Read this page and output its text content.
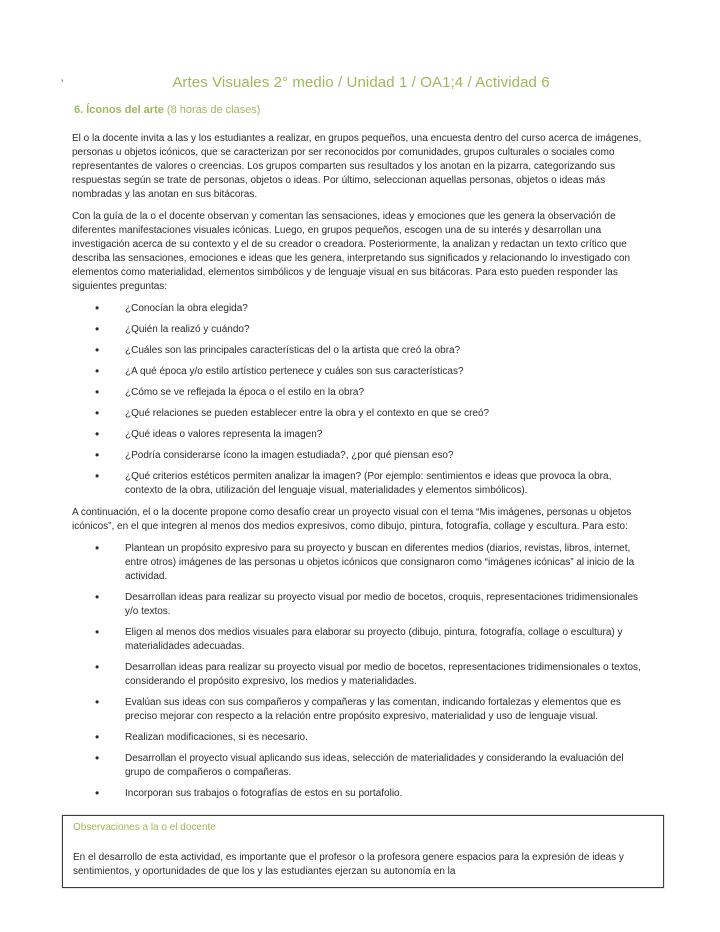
’	Artes Visuales 2° medio / Unidad 1 / OA1;4 / Actividad 6
6. Íconos del arte (8 horas de clases)

El o la docente invita a las y los estudiantes a realizar, en grupos pequeños, una encuesta dentro del curso acerca de imágenes, personas u objetos icónicos, que se caracterizan por ser reconocidos por comunidades, grupos culturales o sociales como representantes de valores o creencias. Los grupos comparten sus resultados y los anotan en la pizarra, categorizando sus respuestas según se trate de personas, objetos o ideas. Por último, seleccionan aquellas personas, objetos o ideas más nombradas y las anotan en sus bitácoras.

Con la guía de la o el docente observan y comentan las sensaciones, ideas y emociones que les genera la observación de diferentes manifestaciones visuales icónicas. Luego, en grupos pequeños, escogen una de su interés y desarrollan una investigación acerca de su contexto y el de su creador o creadora. Posteriormente, la analizan y redactan un texto crítico que describa las sensaciones, emociones e ideas que les genera, interpretando sus significados y relacionando lo investigado con elementos como materialidad, elementos simbólicos y de lenguaje visual en sus bitácoras. Para esto pueden responder las siguientes preguntas:

• ¿Conocían la obra elegida?
• ¿Quién la realizó y cuándo?
• ¿Cuáles son las principales características del o la artista que creó la obra?
• ¿A qué época y/o estilo artístico pertenece y cuáles son sus características?
• ¿Cómo se ve reflejada la época o el estilo en la obra?
• ¿Qué relaciones se pueden establecer entre la obra y el contexto en que se creó?
• ¿Qué ideas o valores representa la imagen?
• ¿Podría considerarse ícono la imagen estudiada?, ¿por qué piensan eso?
• ¿Qué criterios estéticos permiten analizar la imagen? (Por ejemplo: sentimientos e ideas que provoca la obra, contexto de la obra, utilización del lenguaje visual, materialidades y elementos simbólicos).

A continuación, el o la docente propone como desafío crear un proyecto visual con el tema “Mis imágenes, personas u objetos icónicos”, en el que integren al menos dos medios expresivos, como dibujo, pintura, fotografía, collage y escultura. Para esto:

• Plantean un propósito expresivo para su proyecto y buscan en diferentes medios (diarios, revistas, libros, internet, entre otros) imágenes de las personas u objetos icónicos que consignaron como “imágenes icónicas” al inicio de la actividad.
• Desarrollan ideas para realizar su proyecto visual por medio de bocetos, croquis, representaciones tridimensionales y/o textos.
• Eligen al menos dos medios visuales para elaborar su proyecto (dibujo, pintura, fotografía, collage o escultura) y materialidades adecuadas.
• Desarrollan ideas para realizar su proyecto visual por medio de bocetos, representaciones tridimensionales o textos, considerando el propósito expresivo, los medios y materialidades.
• Evalúan sus ideas con sus compañeros y compañeras y las comentan, indicando fortalezas y elementos que es preciso mejorar con respecto a la relación entre propósito expresivo, materialidad y uso de lenguaje visual.
• Realizan modificaciones, si es necesario.
• Desarrollan el proyecto visual aplicando sus ideas, selección de materialidades y considerando la evaluación del grupo de compañeros o compañeras.
• Incorporan sus trabajos o fotografías de estos en su portafolio.

Observaciones a la o el docente

En el desarrollo de esta actividad, es importante que el profesor o la profesora genere espacios para la expresión de ideas y sentimientos, y oportunidades de que los y las estudiantes ejerzan su autonomía en la
